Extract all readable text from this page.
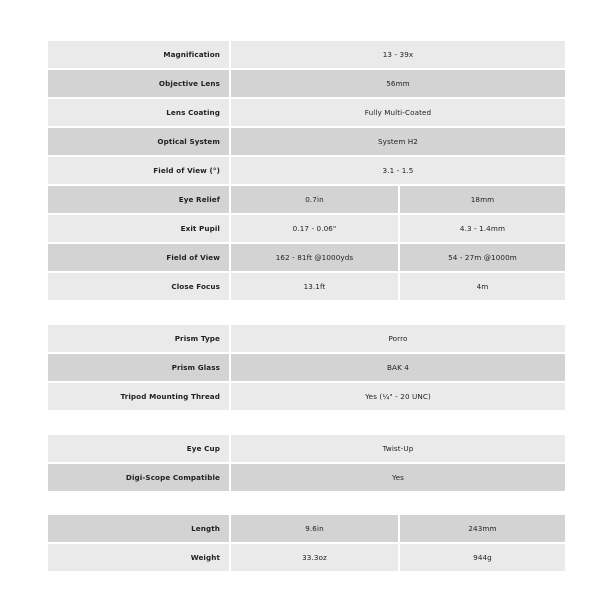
Magnification	13 - 39x
Objective Lens	56mm
Lens Coating	Fully Multi-Coated
Optical System	System H2
Field of View (°)	3.1 - 1.5
Eye Relief	0.7in	18mm
Exit Pupil	0.17 - 0.06"	4.3 - 1.4mm
Field of View	162 - 81ft @1000yds	54 - 27m @1000m
Close Focus	13.1ft	4m
Prism Type	Porro
Prism Glass	BAK 4
Tripod Mounting Thread	Yes (¼" - 20 UNC)
Eye Cup	Twist-Up
Digi-Scope Compatible	Yes
Length	9.6in	243mm
Weight	33.3oz	944g
